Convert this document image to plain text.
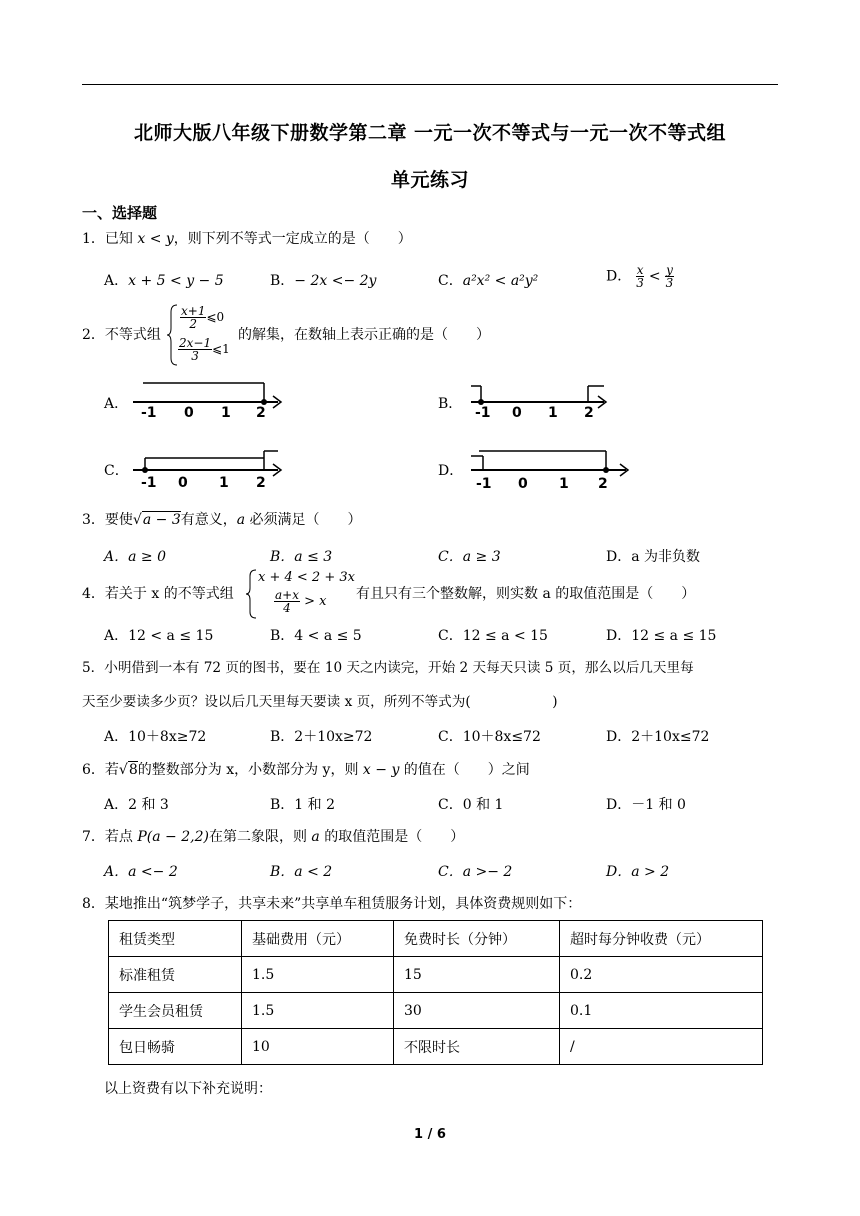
北师大版八年级下册数学第二章 一元一次不等式与一元一次不等式组
单元练习
一、选择题
1．已知 x < y，则下列不等式一定成立的是（　　）
A．x + 5 < y − 5	B．− 2x <− 2y	C．a²x² < a²y²	D． $\frac{x}{3} < \frac{y}{3}$
2．不等式组
$\frac{x+1}{2}$ ⩽0
$\frac{2x-1}{3}$ ⩽1
的解集，在数轴上表示正确的是（　　）
A．	B．
C．	D．
-1 0 1 2	-1 0 1 2
-1 0 1 2	-1 0 1 2
3．要使√a − 3有意义，a 必须满足（　　）
A．a ≥ 0	B．a ≤ 3	C．a ≥ 3	D．a 为非负数
4．若关于 x 的不等式组
x + 4 < 2 + 3x
$\frac{a+x}{4} > x$ 有且只有三个整数解，则实数 a 的取值范围是（　　）
A．12 < a ≤ 15	B．4 < a ≤ 5	C．12 ≤ a < 15	D．12 ≤ a ≤ 15
5．小明借到一本有 72 页的图书，要在 10 天之内读完，开始 2 天每天只读 5 页，那么以后几天里每
天至少要读多少页？设以后几天里每天要读 x 页，所列不等式为(　　　　　　)
A．10＋8x≥72	B．2＋10x≥72	C．10＋8x≤72	D．2＋10x≤72
6．若√8的整数部分为 x，小数部分为 y，则 x − y 的值在（　　）之间
A．2 和 3	B．1 和 2	C．0 和 1	D．－1 和 0
7．若点 P(a − 2,2)在第二象限，则 a 的取值范围是（　　）
A．a <− 2	B．a < 2	C．a >− 2	D．a > 2
8．某地推出“筑梦学子，共享未来”共享单车租赁服务计划，具体资费规则如下：
租赁类型	基础费用（元）	免费时长（分钟）	超时每分钟收费（元）
标准租赁	1.5	15	0.2
学生会员租赁	1.5	30	0.1
包日畅骑	10	不限时长	/
以上资费有以下补充说明：
1 / 6
